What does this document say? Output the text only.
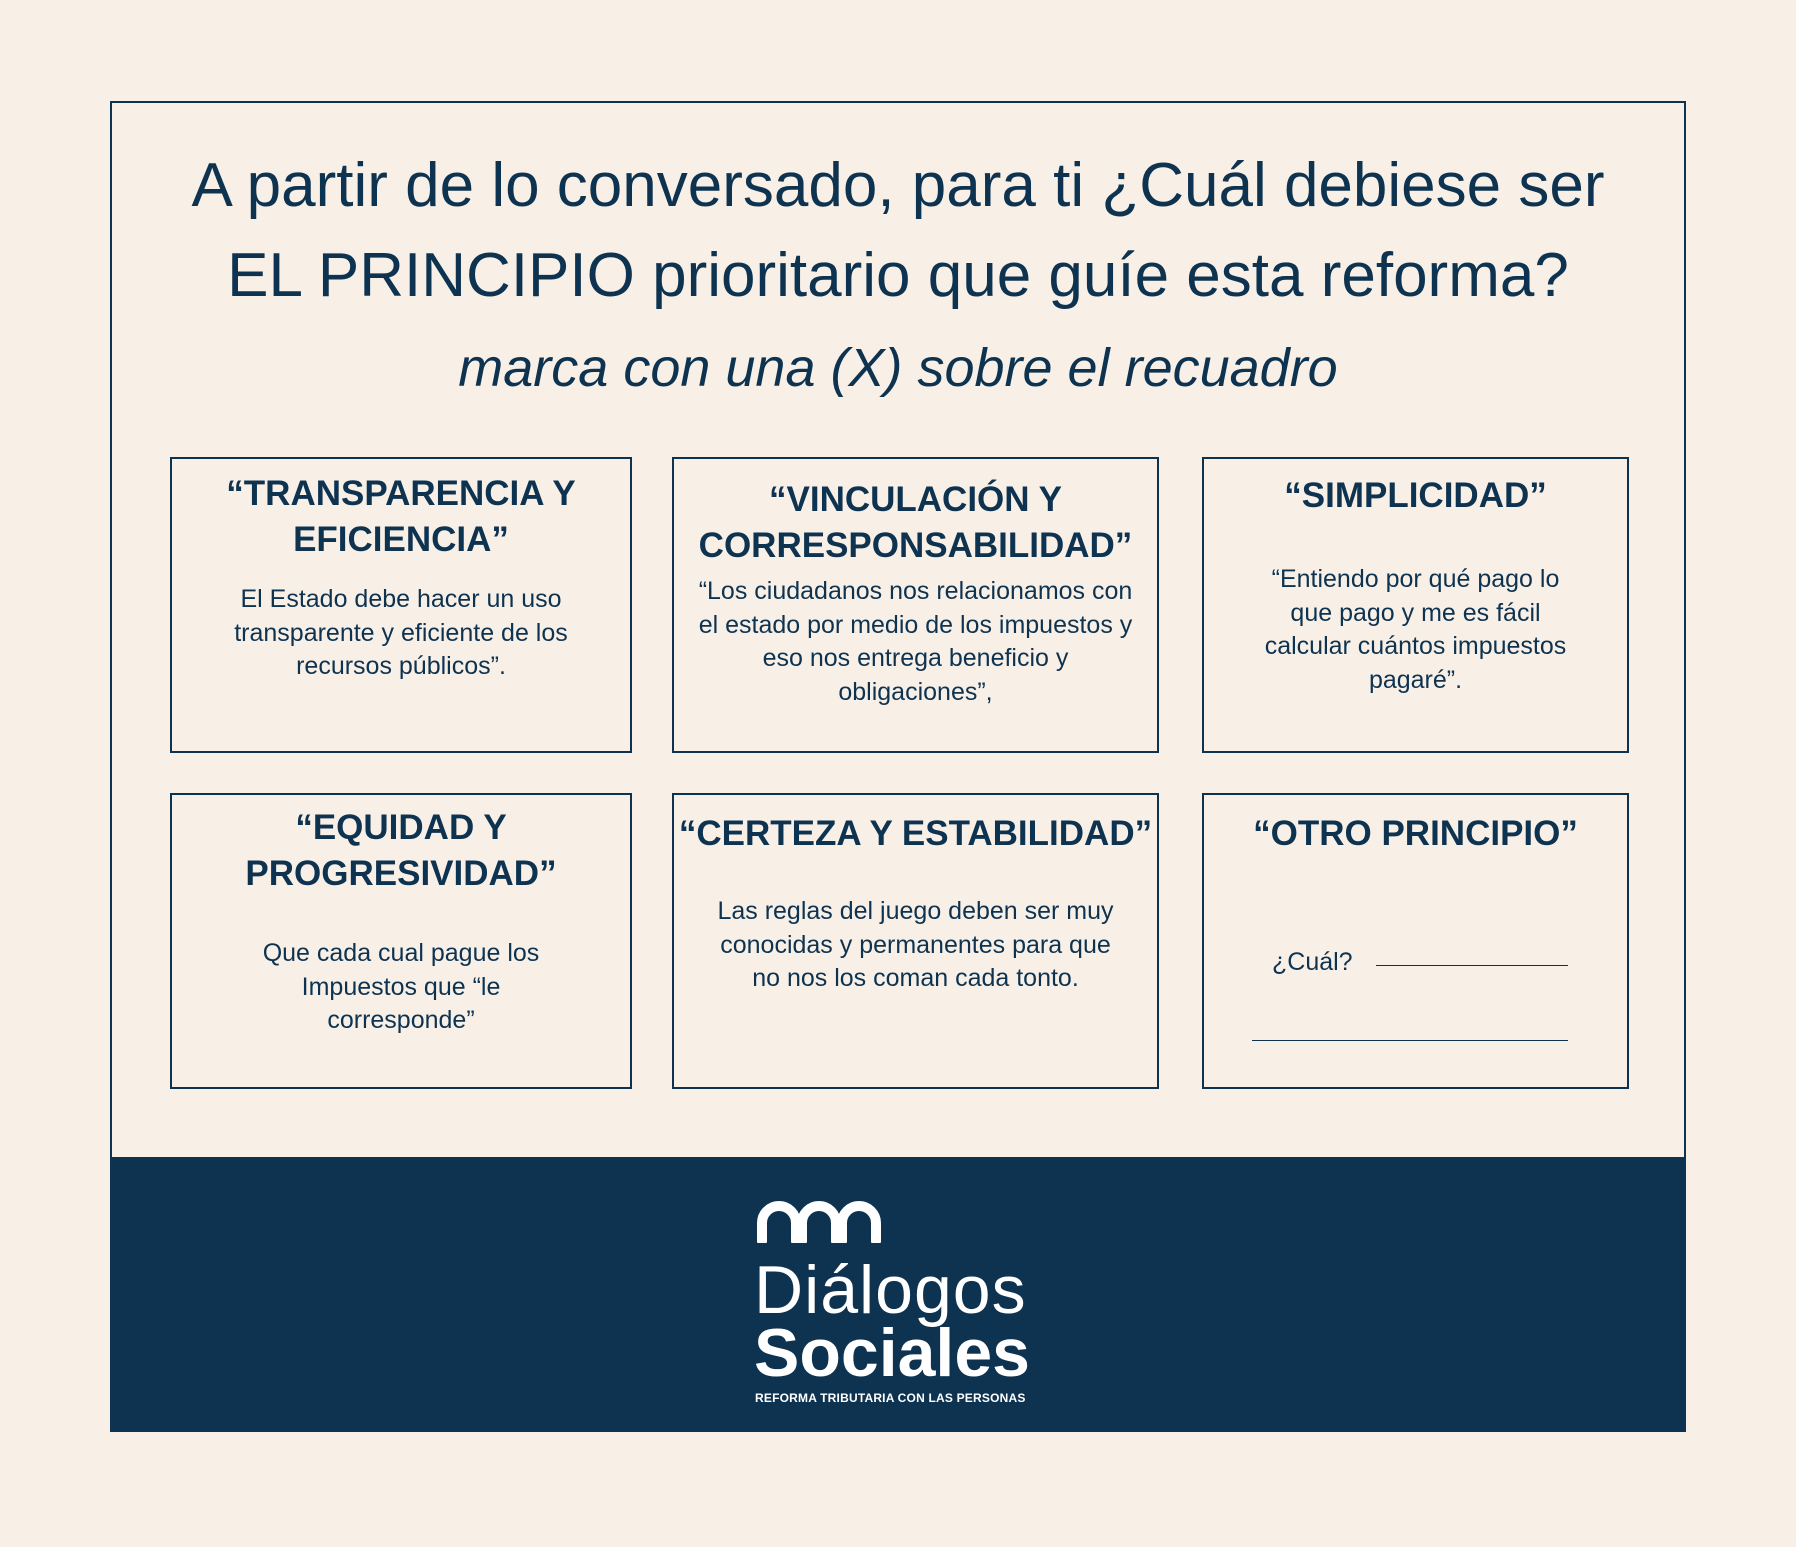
A partir de lo conversado, para ti ¿Cuál debiese ser EL PRINCIPIO prioritario que guíe esta reforma? marca con una (X) sobre el recuadro
“TRANSPARENCIA Y EFICIENCIA”
El Estado debe hacer un uso transparente y eficiente de los recursos públicos”.
“VINCULACIÓN Y CORRESPONSABILIDAD”
“Los ciudadanos nos relacionamos con el estado por medio de los impuestos y eso nos entrega beneficio y obligaciones”,
“SIMPLICIDAD”
“Entiendo por qué pago lo que pago y me es fácil calcular cuántos impuestos pagaré”.
“EQUIDAD Y PROGRESIVIDAD”
Que cada cual pague los Impuestos que “le corresponde”
“CERTEZA Y ESTABILIDAD”
Las reglas del juego deben ser muy conocidas y permanentes para que no nos los coman cada tonto.
“OTRO PRINCIPIO”
¿Cuál?
Diálogos
Sociales
REFORMA TRIBUTARIA CON LAS PERSONAS
